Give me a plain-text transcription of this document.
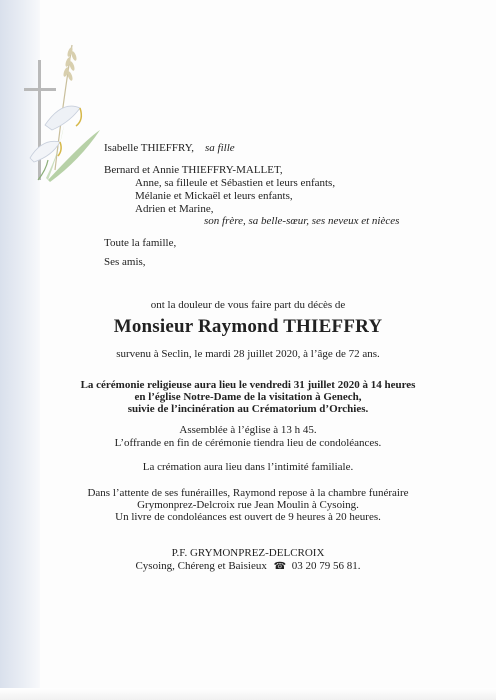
Isabelle THIEFFRY, sa fille
Bernard et Annie THIEFFRY-MALLET,
Anne, sa filleule et Sébastien et leurs enfants,
Mélanie et Mickaël et leurs enfants,
Adrien et Marine,
son frère, sa belle-sœur, ses neveux et nièces
Toute la famille,
Ses amis,
ont la douleur de vous faire part du décès de
Monsieur Raymond THIEFFRY
survenu à Seclin, le mardi 28 juillet 2020, à l’âge de 72 ans.
La cérémonie religieuse aura lieu le vendredi 31 juillet 2020 à 14 heures
en l’église Notre-Dame de la visitation à Genech,
suivie de l’incinération au Crématorium d’Orchies.
Assemblée à l’église à 13 h 45.
L’offrande en fin de cérémonie tiendra lieu de condoléances.
La crémation aura lieu dans l’intimité familiale.
Dans l’attente de ses funérailles, Raymond repose à la chambre funéraire
Grymonprez-Delcroix rue Jean Moulin à Cysoing.
Un livre de condoléances est ouvert de 9 heures à 20 heures.
P.F. GRYMONPREZ-DELCROIX
Cysoing, Chéreng et Baisieux ☎ 03 20 79 56 81.
